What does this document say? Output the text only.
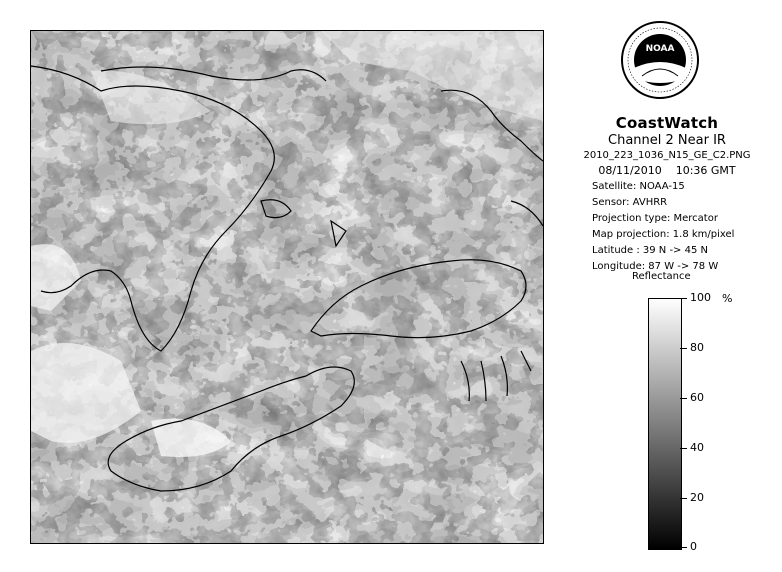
NOAA
CoastWatch
Channel 2 Near IR
2010_223_1036_N15_GE_C2.PNG
08/11/2010    10:36 GMT
Satellite: NOAA-15
Sensor: AVHRR
Projection type: Mercator
Map projection: 1.8 km/pixel
Latitude : 39 N -> 45 N
Longitude: 87 W -> 78 W
Reflectance
%
100
80
60
40
20
0
